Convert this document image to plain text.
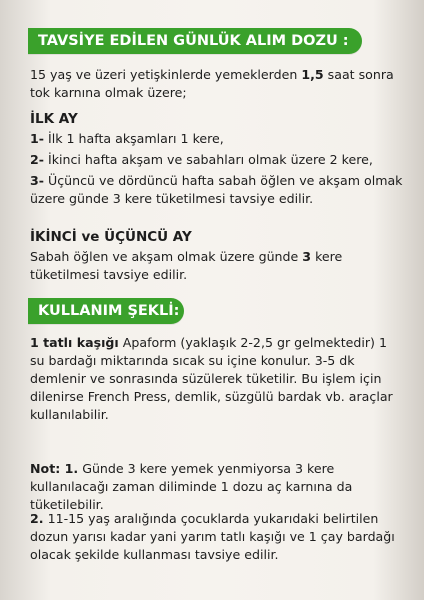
TAVSİYE EDİLEN GÜNLÜK ALIM DOZU :

15 yaş ve üzeri yetişkinlerde yemeklerden 1,5 saat sonra tok karnına olmak üzere;

İLK AY

1- İlk 1 hafta akşamları 1 kere,

2- İkinci hafta akşam ve sabahları olmak üzere 2 kere,

3- Üçüncü ve dördüncü hafta sabah öğlen ve akşam olmak üzere günde 3 kere tüketilmesi tavsiye edilir.

İKİNCİ ve ÜÇÜNCÜ AY

Sabah öğlen ve akşam olmak üzere günde 3 kere tüketilmesi tavsiye edilir.

KULLANIM ŞEKLİ:

1 tatlı kaşığı Apaform (yaklaşık 2-2,5 gr gelmektedir) 1 su bardağı miktarında sıcak su içine konulur. 3-5 dk demlenir ve sonrasında süzülerek tüketilir. Bu işlem için dilenirse French Press, demlik, süzgülü bardak vb. araçlar kullanılabilir.

Not: 1. Günde 3 kere yemek yenmiyorsa 3 kere kullanılacağı zaman diliminde 1 dozu aç karnına da tüketilebilir.

2. 11-15 yaş aralığında çocuklarda yukarıdaki belirtilen dozun yarısı kadar yani yarım tatlı kaşığı ve 1 çay bardağı olacak şekilde kullanması tavsiye edilir.
